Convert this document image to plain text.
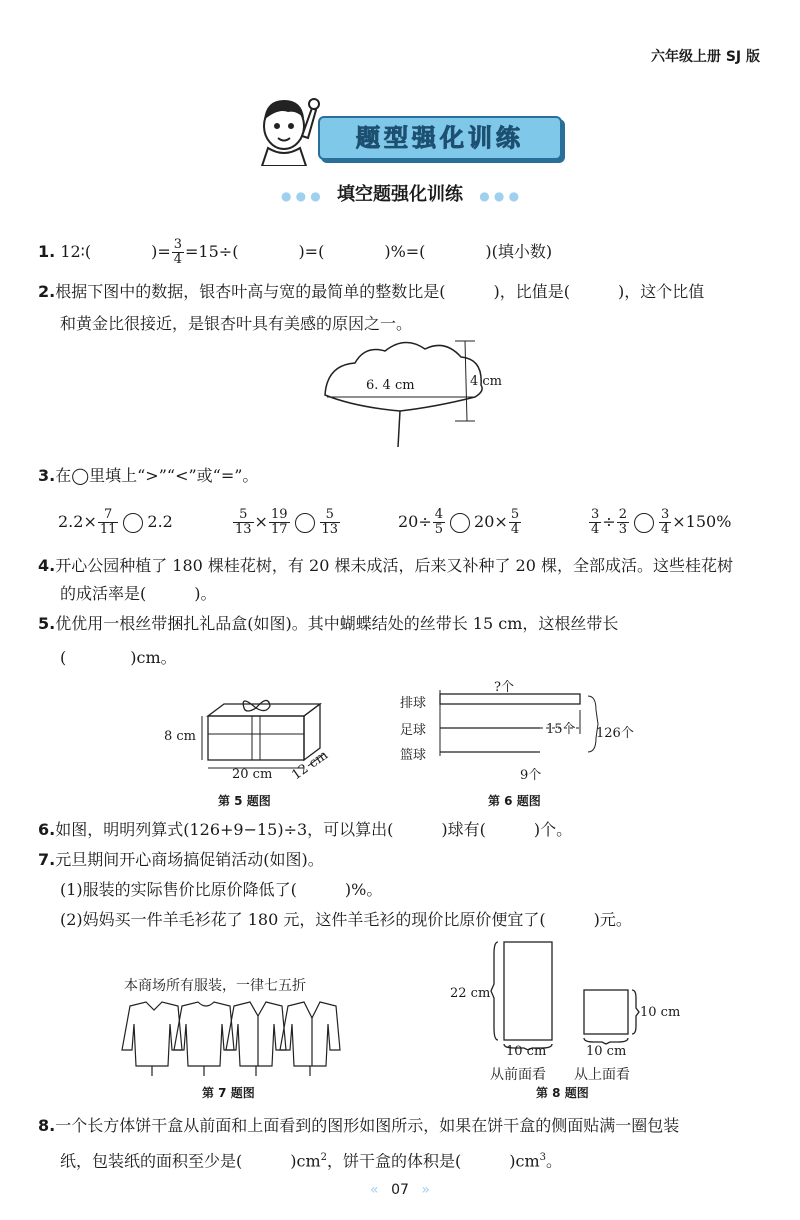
六年级上册 SJ 版
题型强化训练
● ● ● 填空题强化训练 ● ● ●
1. 12∶(	)= $\frac{3}{4} =15\div$(	)=(	)%=(	)(填小数)
2.根据下图中的数据，银杏叶高与宽的最简单的整数比是(　　　)，比值是(　　　)，这个比值
和黄金比很接近，是银杏叶具有美感的原因之一。
6. 4 cm	4 cm
3.在◯里填上“>”“<”或“=”。
$2.2\times \frac{7}{11} 2.2$	$\frac{5}{13} \times \frac{19}{17} \frac{5}{13}$	$20\div \frac{4}{5} 20\times \frac{5}{4}$	$\frac{3}{4} \div \frac{2}{3} \frac{3}{4} \times 150\%$
4.开心公园种植了 180 棵桂花树，有 20 棵未成活，后来又补种了 20 棵，全部成活。这些桂花树
的成活率是(　　　)。
5.优优用一根丝带捆扎礼品盒(如图)。其中蝴蝶结处的丝带长 15 cm，这根丝带长
(　　　　)cm。
8 cm
20 cm 12 cm
第 5 题图
排球
足球
篮球
?个
15个 126个
9个
第 6 题图
6.如图，明明列算式(126+9−15)÷3，可以算出(　　　)球有(　　　)个。
7.元旦期间开心商场搞促销活动(如图)。
(1)服装的实际售价比原价降低了(　　　)%。
(2)妈妈买一件羊毛衫花了 180 元，这件羊毛衫的现价比原价便宜了(　　　)元。
本商场所有服装，一律七五折
第 7 题图
22 cm
10 cm
从前面看
10 cm
10 cm
从上面看
第 8 题图
8.一个长方体饼干盒从前面和上面看到的图形如图所示，如果在饼干盒的侧面贴满一圈包装
纸，包装纸的面积至少是(　　　)$cm^2$，饼干盒的体积是(　　　)$cm^3$。
« 07 »
